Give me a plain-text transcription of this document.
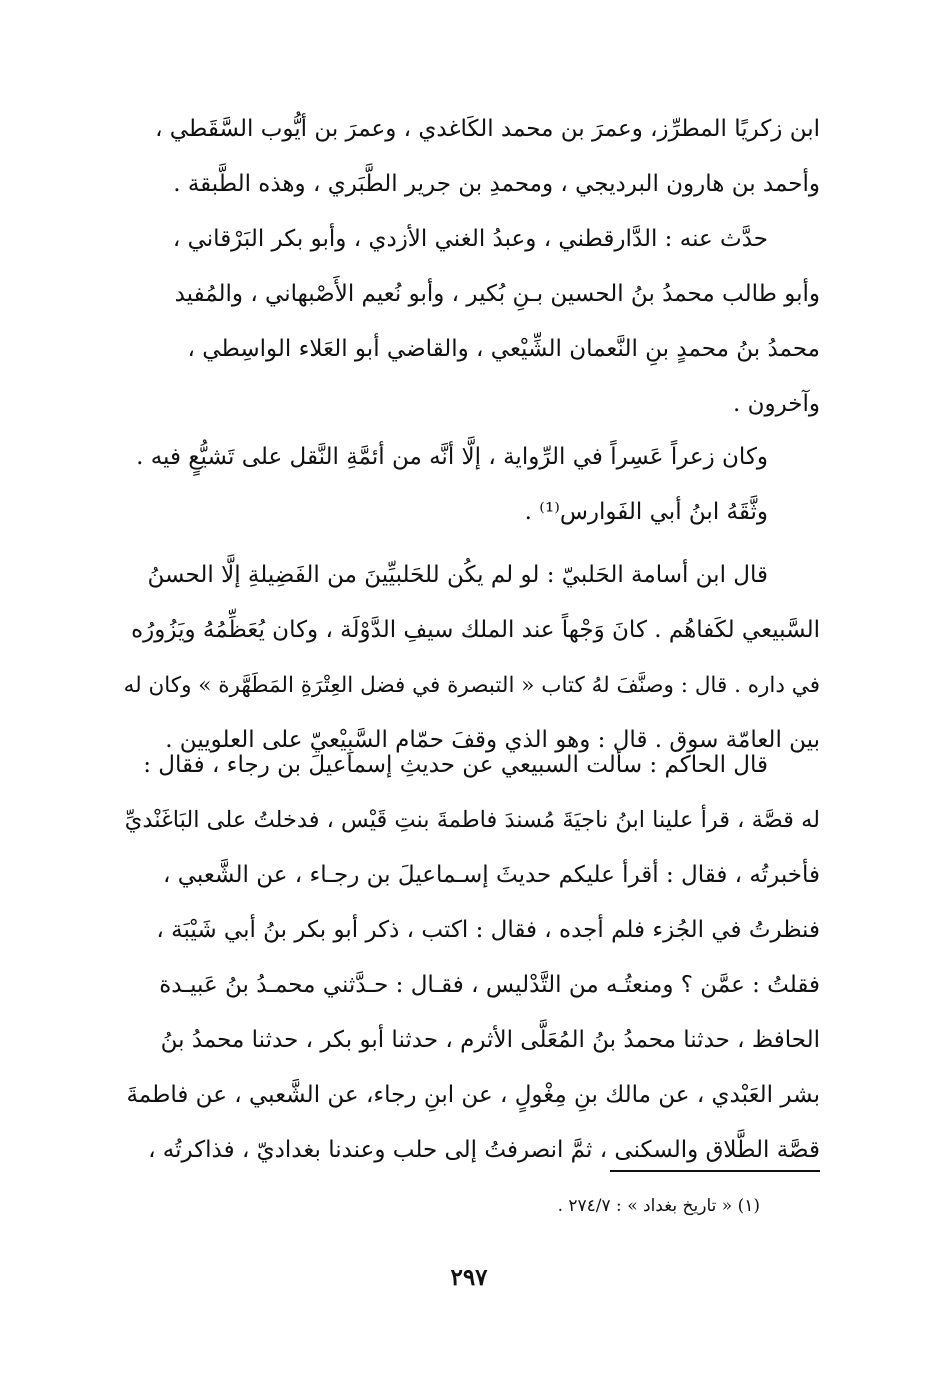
ابن زكريًا المطرِّز، وعمرَ بن محمد الكَاغدي ، وعمرَ بن أيُّوب السَّقَطي ،
وأحمد بن هارون البرديجي ، ومحمدِ بن جرير الطَّبَري ، وهذه الطَّبقة .
حدَّث عنه : الدَّارقطني ، وعبدُ الغني الأزدي ، وأبو بكر البَرْقاني ،
وأبو طالب محمدُ بنُ الحسين بـنِ بُكير ، وأبو نُعيم الأَصْبهاني ، والمُفيد
محمدُ بنُ محمدٍ بنِ النَّعمان الشِّيْعي ، والقاضي أبو العَلاء الواسِطي ،
وآخرون .
وكان زعراً عَسِراً في الرِّواية ، إلَّا أنَّه من أئمَّةِ النَّقل على تَشيُّعٍ فيه .
وثَّقَهُ ابنُ أبي الفَوارس⁽¹⁾ .
قال ابن أسامة الحَلبيّ : لو لم يكُن للحَلبيِّينَ من الفَضِيلةِ إلَّا الحسنُ
السَّبيعي لكَفاهُم . كانَ وَجْهاً عند الملك سيفِ الدَّوْلَة ، وكان يُعَظِّمُهُ ويَزُورُه
في داره . قال : وصنَّفَ لهُ كتاب « التبصرة في فضل العِتْرَةِ المَطَهَّرة » وكان له
بين العامّة سوق . قال : وهو الذي وقفَ حمّام السَّبِيْعيّ على العلويين .
قال الحاكم : سألت السبيعي عن حديثِ إسماعيلَ بن رجاء ، فقال :
له قصَّة ، قرأ علينا ابنُ ناجيَةَ مُسندَ فاطمةَ بنتِ قَيْس ، فدخلتُ على البَاغَنْديِّ
فأخبرتُه ، فقال : أقرأ عليكم حديثَ إسـماعيلَ بن رجـاء ، عن الشَّعبي ،
فنظرتُ في الجُزء فلم أجده ، فقال : اكتب ، ذكر أبو بكر بنُ أبي شَيْبَة ،
فقلتُ : عمَّن ؟ ومنعتُـه من التَّدْليس ، فقـال : حـدَّثني محمـدُ بنُ عَبيـدة
الحافظ ، حدثنا محمدُ بنُ المُعَلَّى الأثرم ، حدثنا أبو بكر ، حدثنا محمدُ بنُ
بشر العَبْدي ، عن مالك بنِ مِغْولٍ ، عن ابنِ رجاء، عن الشَّعبي ، عن فاطمةَ
قصَّة الطَّلاق والسكنى ، ثمَّ انصرفتُ إلى حلب وعندنا بغداديّ ، فذاكرتُه ،
(١) « تاريخ بغداد » : ٢٧٤/٧ .
٢٩٧
